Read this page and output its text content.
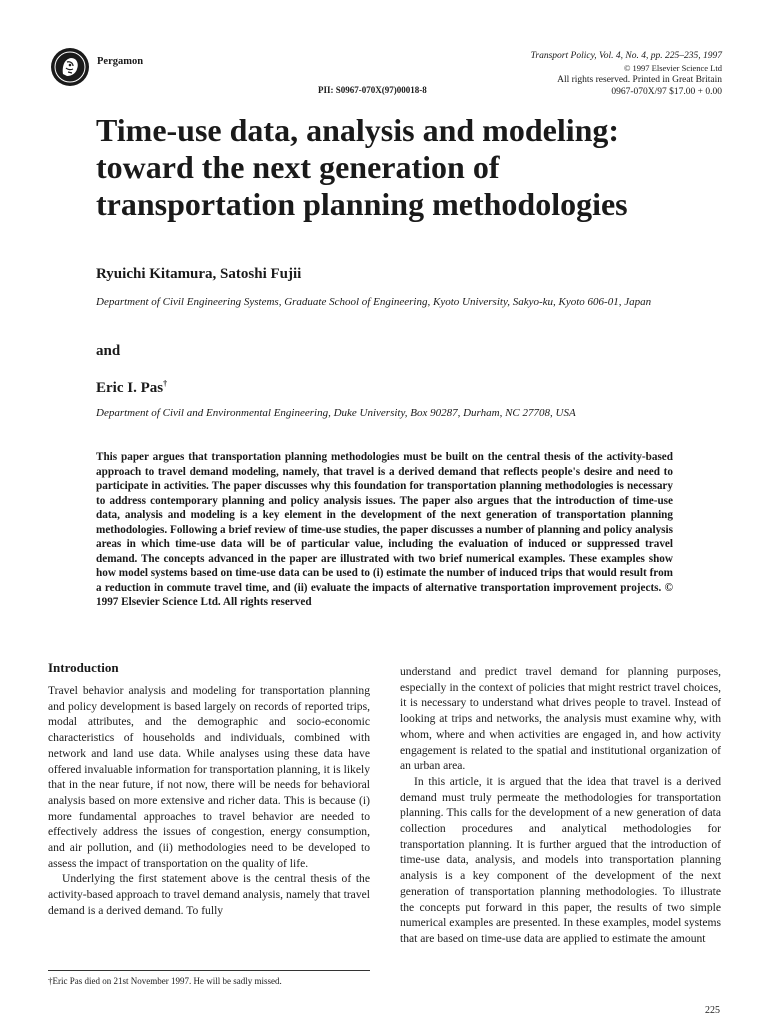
Pergamon	Transport Policy, Vol. 4, No. 4, pp. 225–235, 1997
© 1997 Elsevier Science Ltd
All rights reserved. Printed in Great Britain
0967-070X/97 $17.00 + 0.00
PII: S0967-070X(97)00018-8
Time-use data, analysis and modeling:
toward the next generation of
transportation planning methodologies
Ryuichi Kitamura, Satoshi Fujii
Department of Civil Engineering Systems, Graduate School of Engineering, Kyoto University, Sakyo-ku, Kyoto 606-01, Japan
and
Eric I. Pas†
Department of Civil and Environmental Engineering, Duke University, Box 90287, Durham, NC 27708, USA
This paper argues that transportation planning methodologies must be built on the central thesis of the activity-based approach to travel demand modeling, namely, that travel is a derived demand that reflects people's desire and need to participate in activities. The paper discusses why this foundation for transportation planning methodologies is necessary to address contemporary planning and policy analysis issues. The paper also argues that the introduction of time-use data, analysis and modeling is a key element in the development of the next generation of transportation planning methodologies. Following a brief review of time-use studies, the paper discusses a number of planning and policy analysis areas in which time-use data will be of particular value, including the evaluation of induced or suppressed travel demand. The concepts advanced in the paper are illustrated with two brief numerical examples. These examples show how model systems based on time-use data can be used to (i) estimate the number of induced trips that would result from a reduction in commute travel time, and (ii) evaluate the impacts of alternative transportation improvement projects. © 1997 Elsevier Science Ltd. All rights reserved
Introduction

Travel behavior analysis and modeling for transportation planning and policy development is based largely on records of reported trips, modal attributes, and the demographic and socio-economic characteristics of households and individuals, combined with network and land use data. While analyses using these data have offered invaluable information for transportation planning, it is likely that in the near future, if not now, there will be needs for behavioral analysis based on more extensive and richer data. This is because (i) more fundamental approaches to travel behavior are needed to effectively address the issues of congestion, energy consumption, and air pollution, and (ii) methodologies need to be developed to assess the impact of transportation on the quality of life.

Underlying the first statement above is the central thesis of the activity-based approach to travel demand analysis, namely that travel demand is a derived demand. To fully

understand and predict travel demand for planning purposes, especially in the context of policies that might restrict travel choices, it is necessary to understand what drives people to travel. Instead of looking at trips and networks, the analysis must examine why, with whom, where and when activities are engaged in, and how activity engagement is related to the spatial and institutional organization of an urban area.

In this article, it is argued that the idea that travel is a derived demand must truly permeate the methodologies for transportation planning. This calls for the development of a new generation of data collection procedures and analytical methodologies for transportation planning. It is further argued that the introduction of time-use data, analysis, and models into transportation planning analysis is a key component of the development of the next generation of transportation planning methodologies. To illustrate the concepts put forward in this paper, the results of two simple numerical examples are presented. In these examples, model systems that are based on time-use data are applied to estimate the amount

†Eric Pas died on 21st November 1997. He will be sadly missed.
225
